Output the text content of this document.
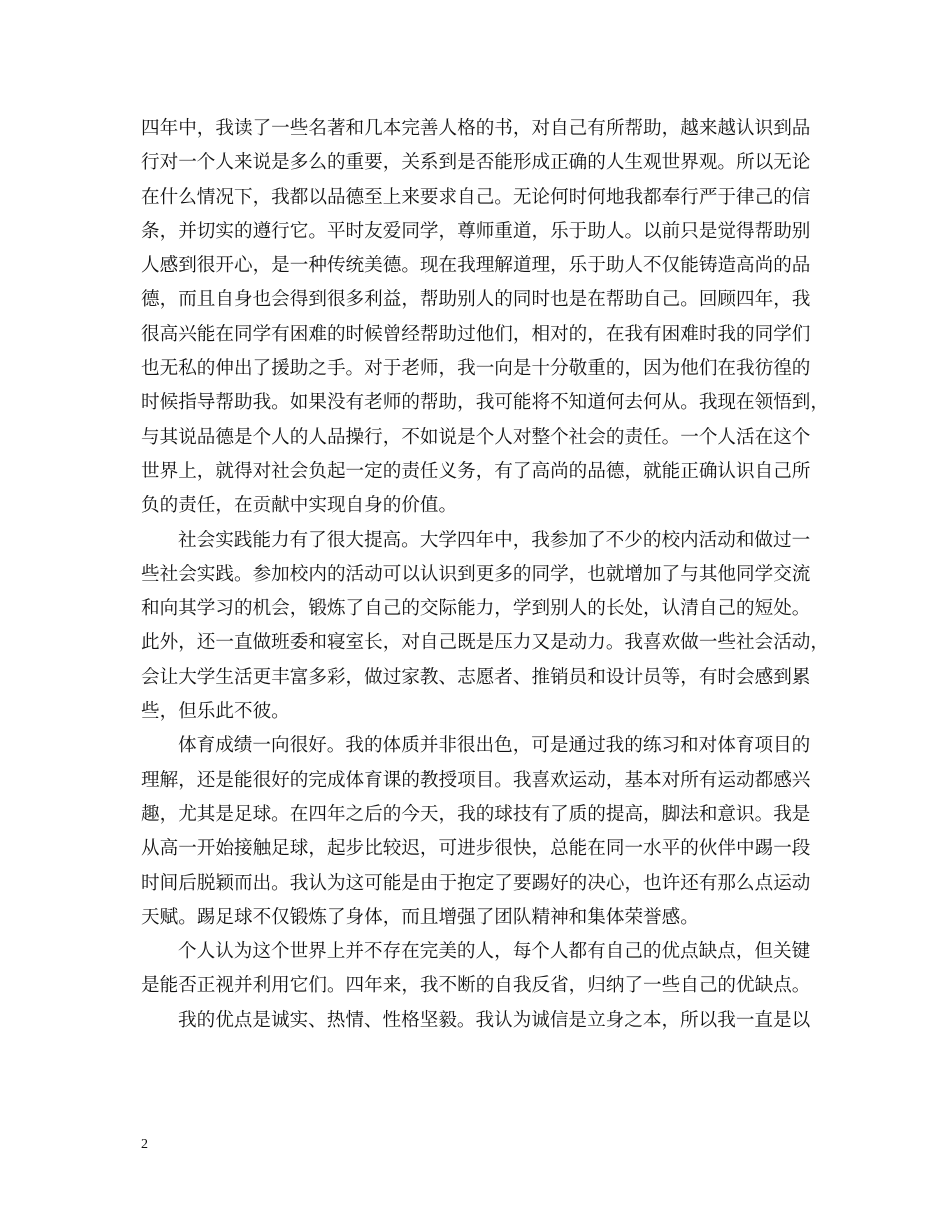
四年中，我读了一些名著和几本完善人格的书，对自己有所帮助，越来越认识到品
行对一个人来说是多么的重要，关系到是否能形成正确的人生观世界观。所以无论
在什么情况下，我都以品德至上来要求自己。无论何时何地我都奉行严于律己的信
条，并切实的遵行它。平时友爱同学，尊师重道，乐于助人。以前只是觉得帮助别
人感到很开心，是一种传统美德。现在我理解道理，乐于助人不仅能铸造高尚的品
德，而且自身也会得到很多利益，帮助别人的同时也是在帮助自己。回顾四年，我
很高兴能在同学有困难的时候曾经帮助过他们，相对的，在我有困难时我的同学们
也无私的伸出了援助之手。对于老师，我一向是十分敬重的，因为他们在我彷徨的
时候指导帮助我。如果没有老师的帮助，我可能将不知道何去何从。我现在领悟到，
与其说品德是个人的人品操行，不如说是个人对整个社会的责任。一个人活在这个
世界上，就得对社会负起一定的责任义务，有了高尚的品德，就能正确认识自己所
负的责任，在贡献中实现自身的价值。
社会实践能力有了很大提高。大学四年中，我参加了不少的校内活动和做过一
些社会实践。参加校内的活动可以认识到更多的同学，也就增加了与其他同学交流
和向其学习的机会，锻炼了自己的交际能力，学到别人的长处，认清自己的短处。
此外，还一直做班委和寝室长，对自己既是压力又是动力。我喜欢做一些社会活动，
会让大学生活更丰富多彩，做过家教、志愿者、推销员和设计员等，有时会感到累
些，但乐此不彼。
体育成绩一向很好。我的体质并非很出色，可是通过我的练习和对体育项目的
理解，还是能很好的完成体育课的教授项目。我喜欢运动，基本对所有运动都感兴
趣，尤其是足球。在四年之后的今天，我的球技有了质的提高，脚法和意识。我是
从高一开始接触足球，起步比较迟，可进步很快，总能在同一水平的伙伴中踢一段
时间后脱颖而出。我认为这可能是由于抱定了要踢好的决心，也许还有那么点运动
天赋。踢足球不仅锻炼了身体，而且增强了团队精神和集体荣誉感。
个人认为这个世界上并不存在完美的人，每个人都有自己的优点缺点，但关键
是能否正视并利用它们。四年来，我不断的自我反省，归纳了一些自己的优缺点。
我的优点是诚实、热情、性格坚毅。我认为诚信是立身之本，所以我一直是以
2
